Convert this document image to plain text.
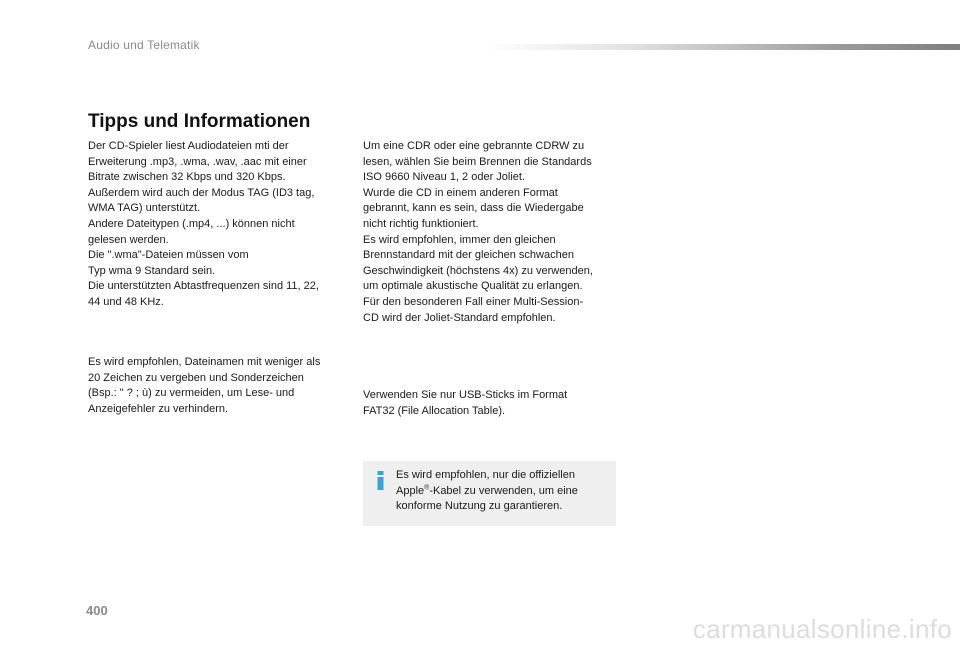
Audio und Telematik
Tipps und Informationen
Der CD-Spieler liest Audiodateien mti der
Erweiterung .mp3, .wma, .wav, .aac mit einer
Bitrate zwischen 32 Kbps und 320 Kbps.
Außerdem wird auch der Modus TAG (ID3 tag,
WMA TAG) unterstützt.
Andere Dateitypen (.mp4, ...) können nicht
gelesen werden.
Die ".wma"-Dateien müssen vom
Typ wma 9 Standard sein.
Die unterstützten Abtastfrequenzen sind 11, 22,
44 und 48 KHz.
Es wird empfohlen, Dateinamen mit weniger als
20 Zeichen zu vergeben und Sonderzeichen
(Bsp.: " ? ; ù) zu vermeiden, um Lese- und
Anzeigefehler zu verhindern.
Um eine CDR oder eine gebrannte CDRW zu
lesen, wählen Sie beim Brennen die Standards
ISO 9660 Niveau 1, 2 oder Joliet.
Wurde die CD in einem anderen Format
gebrannt, kann es sein, dass die Wiedergabe
nicht richtig funktioniert.
Es wird empfohlen, immer den gleichen
Brennstandard mit der gleichen schwachen
Geschwindigkeit (höchstens 4x) zu verwenden,
um optimale akustische Qualität zu erlangen.
Für den besonderen Fall einer Multi-Session-
CD wird der Joliet-Standard empfohlen.
Verwenden Sie nur USB-Sticks im Format
FAT32 (File Allocation Table).
Es wird empfohlen, nur die offiziellen
Apple®-Kabel zu verwenden, um eine
konforme Nutzung zu garantieren.
400
carmanualsonline.info
